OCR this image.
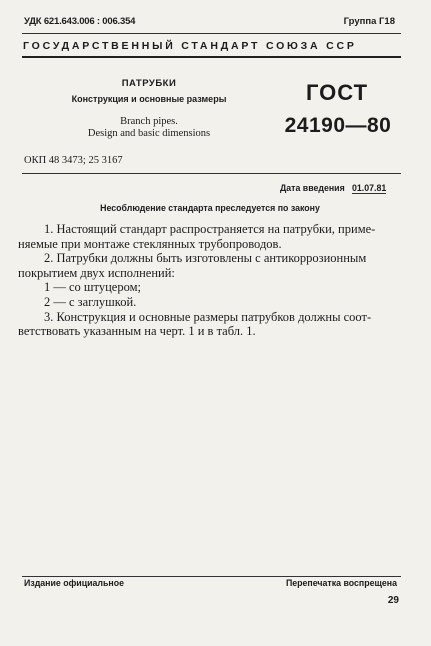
УДК 621.643.006 : 006.354	Группа Г18
ГОСУДАРСТВЕННЫЙ СТАНДАРТ СОЮЗА ССР
ПАТРУБКИ
Конструкция и основные размеры
Branch pipes.
Design and basic dimensions
ГОСТ
24190—80
ОКП 48 3473; 25 3167
Дата введения 01.07.81
Несоблюдение стандарта преследуется по закону

1. Настоящий стандарт распространяется на патрубки, приме-

няемые при монтаже стеклянных трубопроводов.

2. Патрубки должны быть изготовлены с антикоррозионным

покрытием двух исполнений:

1 — со штуцером;

2 — с заглушкой.

3. Конструкция и основные размеры патрубков должны соот-

ветствовать указанным на черт. 1 и в табл. 1.

Издание официальное	Перепечатка воспрещена
29
